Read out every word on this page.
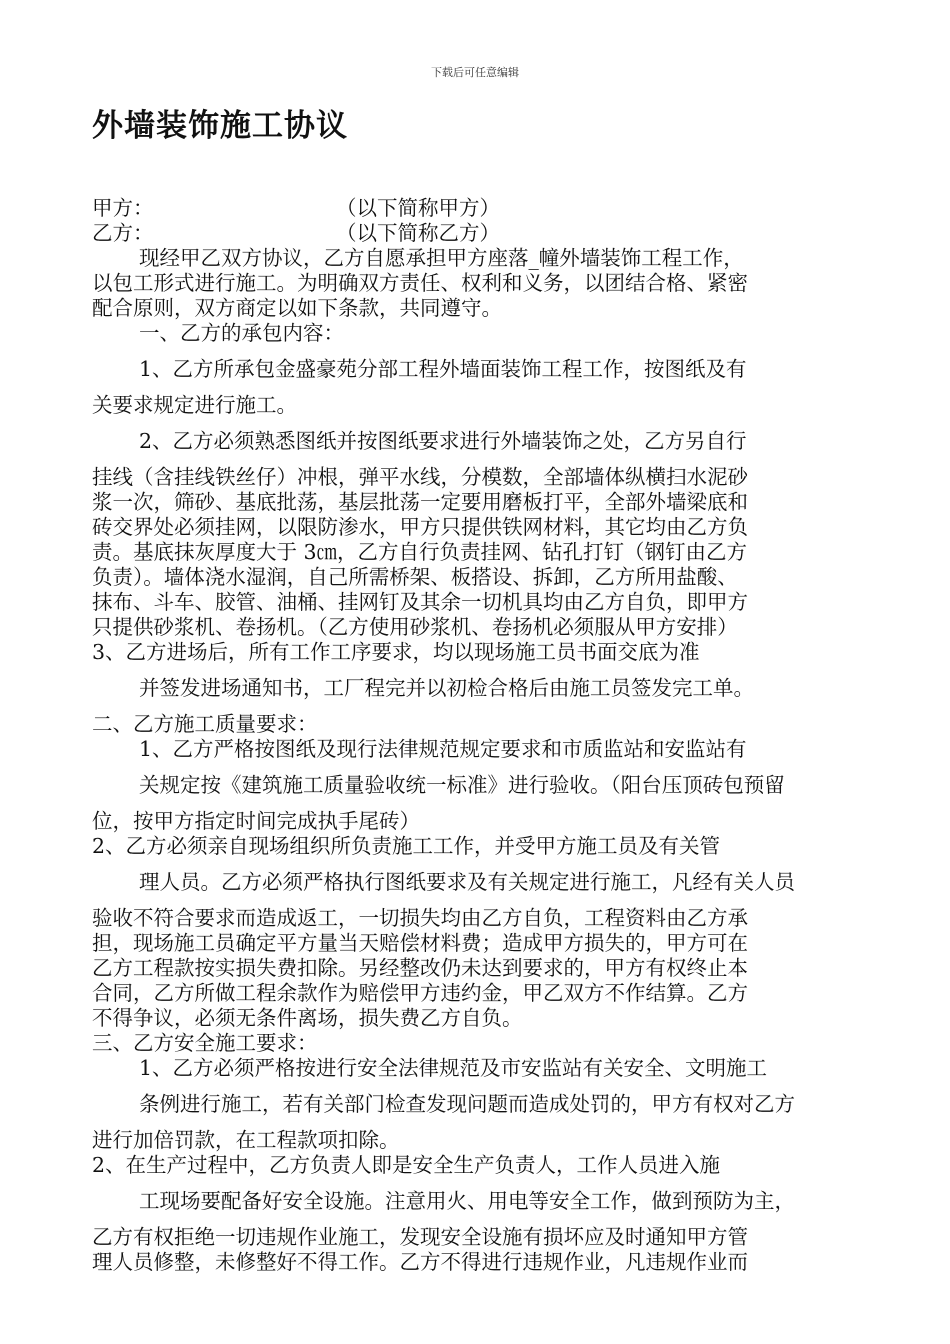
下载后可任意编辑
外墙装饰施工协议
甲方：	（以下简称甲方）
乙方：	（以下简称乙方）
现经甲乙双方协议，乙方自愿承担甲方座落_幢外墙装饰工程工作，
以包工形式进行施工。为明确双方责任、权利和义务，以团结合格、紧密
配合原则，双方商定以如下条款，共同遵守。
一、乙方的承包内容：
1、乙方所承包金盛豪苑分部工程外墙面装饰工程工作，按图纸及有
关要求规定进行施工。
2、乙方必须熟悉图纸并按图纸要求进行外墙装饰之处，乙方另自行
挂线（含挂线铁丝仔）冲根，弹平水线，分模数，全部墙体纵横扫水泥砂
浆一次，筛砂、基底批荡，基层批荡一定要用磨板打平，全部外墙梁底和
砖交界处必须挂网，以限防渗水，甲方只提供铁网材料，其它均由乙方负
责。基底抹灰厚度大于 3㎝，乙方自行负责挂网、钻孔打钉（钢钉由乙方
负责）。墙体浇水湿润，自己所需桥架、板搭设、拆卸，乙方所用盐酸、
抹布、斗车、胶管、油桶、挂网钉及其余一切机具均由乙方自负，即甲方
只提供砂浆机、卷扬机。（乙方使用砂浆机、卷扬机必须服从甲方安排）
3、乙方进场后，所有工作工序要求，均以现场施工员书面交底为准
并签发进场通知书，工厂程完并以初检合格后由施工员签发完工单。
二、乙方施工质量要求：
1、乙方严格按图纸及现行法律规范规定要求和市质监站和安监站有
关规定按《建筑施工质量验收统一标准》进行验收。（阳台压顶砖包预留
位，按甲方指定时间完成执手尾砖）
2、乙方必须亲自现场组织所负责施工工作，并受甲方施工员及有关管
理人员。乙方必须严格执行图纸要求及有关规定进行施工，凡经有关人员
验收不符合要求而造成返工，一切损失均由乙方自负，工程资料由乙方承
担，现场施工员确定平方量当天赔偿材料费；造成甲方损失的，甲方可在
乙方工程款按实损失费扣除。另经整改仍未达到要求的，甲方有权终止本
合同，乙方所做工程余款作为赔偿甲方违约金，甲乙双方不作结算。乙方
不得争议，必须无条件离场，损失费乙方自负。
三、乙方安全施工要求：
1、乙方必须严格按进行安全法律规范及市安监站有关安全、文明施工
条例进行施工，若有关部门检查发现问题而造成处罚的，甲方有权对乙方
进行加倍罚款，在工程款项扣除。
2、在生产过程中，乙方负责人即是安全生产负责人，工作人员进入施
工现场要配备好安全设施。注意用火、用电等安全工作，做到预防为主，
乙方有权拒绝一切违规作业施工，发现安全设施有损坏应及时通知甲方管
理人员修整，未修整好不得工作。乙方不得进行违规作业，凡违规作业而
